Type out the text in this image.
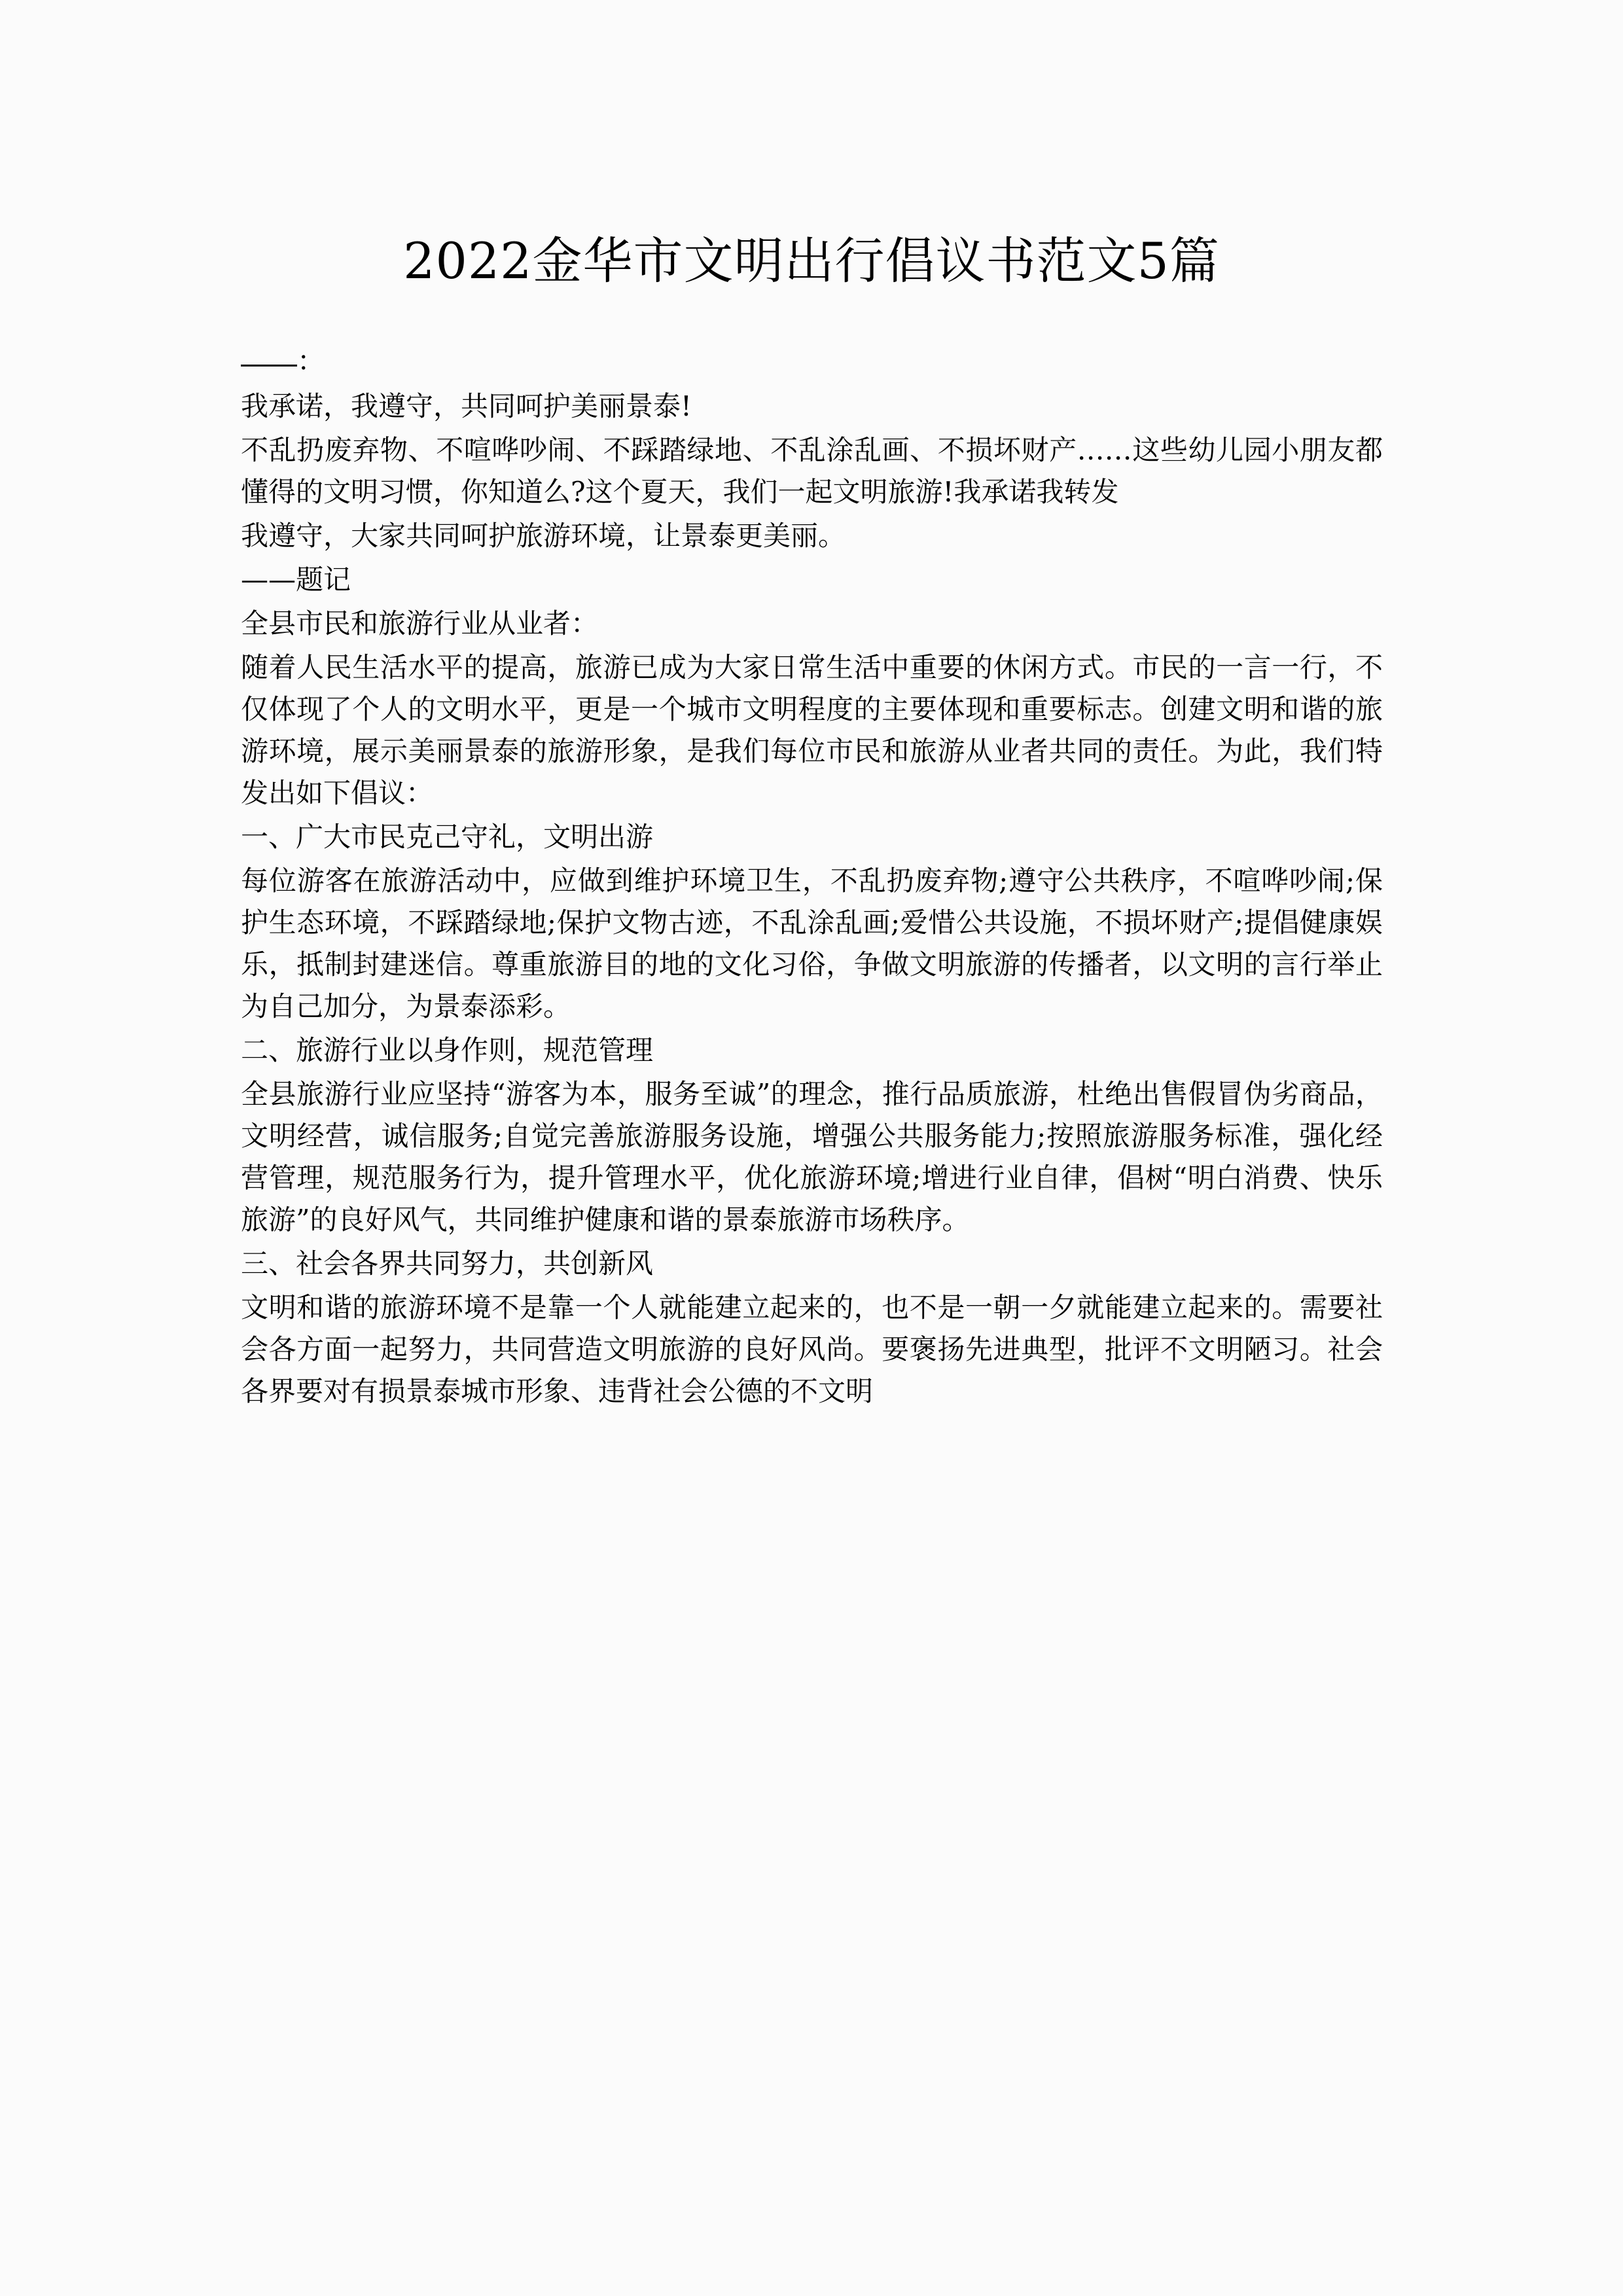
2022金华市文明出行倡议书范文5篇

：

我承诺，我遵守，共同呵护美丽景泰!

不乱扔废弃物、不喧哗吵闹、不踩踏绿地、不乱涂乱画、不损坏财产……这些幼儿园小朋友都懂得的文明习惯，你知道么?这个夏天，我们一起文明旅游!我承诺我转发

我遵守，大家共同呵护旅游环境，让景泰更美丽。

——题记

全县市民和旅游行业从业者：

随着人民生活水平的提高，旅游已成为大家日常生活中重要的休闲方式。市民的一言一行，不仅体现了个人的文明水平，更是一个城市文明程度的主要体现和重要标志。创建文明和谐的旅游环境，展示美丽景泰的旅游形象，是我们每位市民和旅游从业者共同的责任。为此，我们特发出如下倡议：

一、广大市民克己守礼，文明出游

每位游客在旅游活动中，应做到维护环境卫生，不乱扔废弃物;遵守公共秩序，不喧哗吵闹;保护生态环境，不踩踏绿地;保护文物古迹，不乱涂乱画;爱惜公共设施，不损坏财产;提倡健康娱乐，抵制封建迷信。尊重旅游目的地的文化习俗，争做文明旅游的传播者，以文明的言行举止为自己加分，为景泰添彩。

二、旅游行业以身作则，规范管理

全县旅游行业应坚持“游客为本，服务至诚”的理念，推行品质旅游，杜绝出售假冒伪劣商品，文明经营，诚信服务;自觉完善旅游服务设施，增强公共服务能力;按照旅游服务标准，强化经营管理，规范服务行为，提升管理水平，优化旅游环境;增进行业自律，倡树“明白消费、快乐旅游”的良好风气，共同维护健康和谐的景泰旅游市场秩序。

三、社会各界共同努力，共创新风

文明和谐的旅游环境不是靠一个人就能建立起来的，也不是一朝一夕就能建立起来的。需要社会各方面一起努力，共同营造文明旅游的良好风尚。要褒扬先进典型，批评不文明陋习。社会各界要对有损景泰城市形象、违背社会公德的不文明
